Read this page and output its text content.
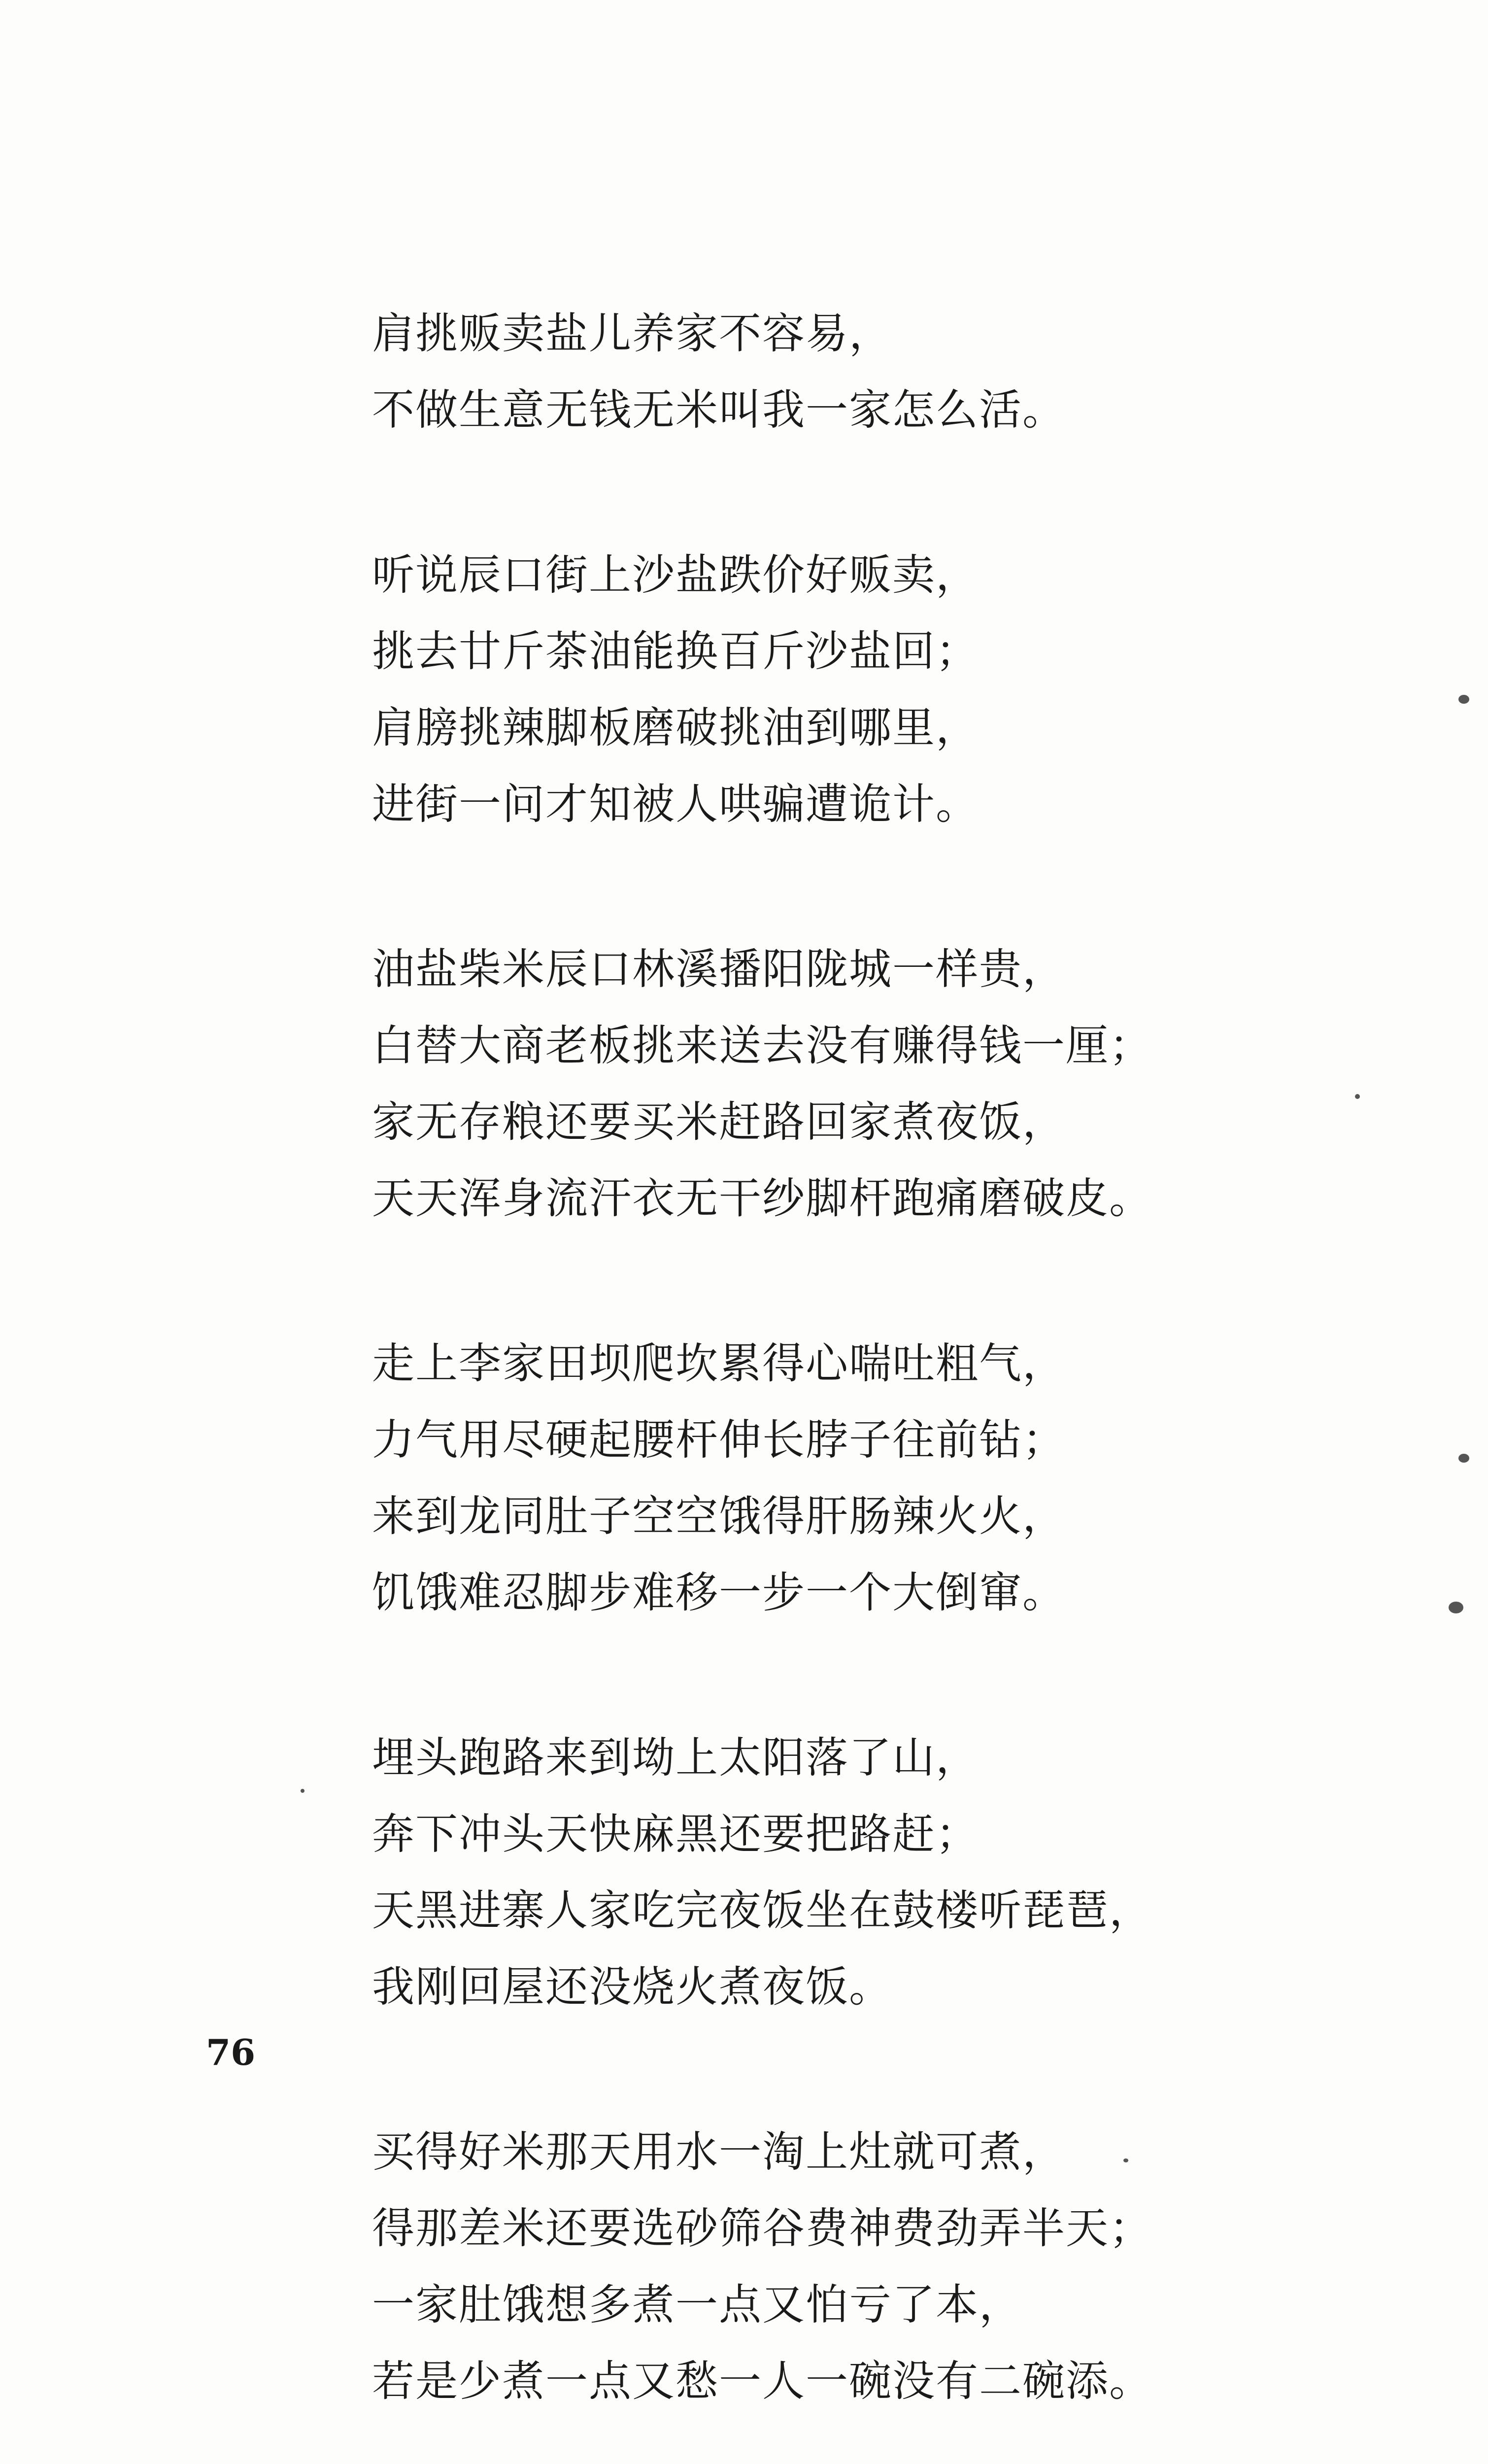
肩挑贩卖盐儿养家不容易，
不做生意无钱无米叫我一家怎么活。
听说辰口街上沙盐跌价好贩卖，
挑去廿斤茶油能换百斤沙盐回；
肩膀挑辣脚板磨破挑油到哪里，
进街一问才知被人哄骗遭诡计。
油盐柴米辰口林溪播阳陇城一样贵，
白替大商老板挑来送去没有赚得钱一厘；
家无存粮还要买米赶路回家煮夜饭，
天天浑身流汗衣无干纱脚杆跑痛磨破皮。
走上李家田坝爬坎累得心喘吐粗气，
力气用尽硬起腰杆伸长脖子往前钻；
来到龙同肚子空空饿得肝肠辣火火，
饥饿难忍脚步难移一步一个大倒窜。
埋头跑路来到坳上太阳落了山，
奔下冲头天快麻黑还要把路赶；
天黑进寨人家吃完夜饭坐在鼓楼听琵琶，
我刚回屋还没烧火煮夜饭。
买得好米那天用水一淘上灶就可煮，
得那差米还要选砂筛谷费神费劲弄半天；
一家肚饿想多煮一点又怕亏了本，
若是少煮一点又愁一人一碗没有二碗添。
76
